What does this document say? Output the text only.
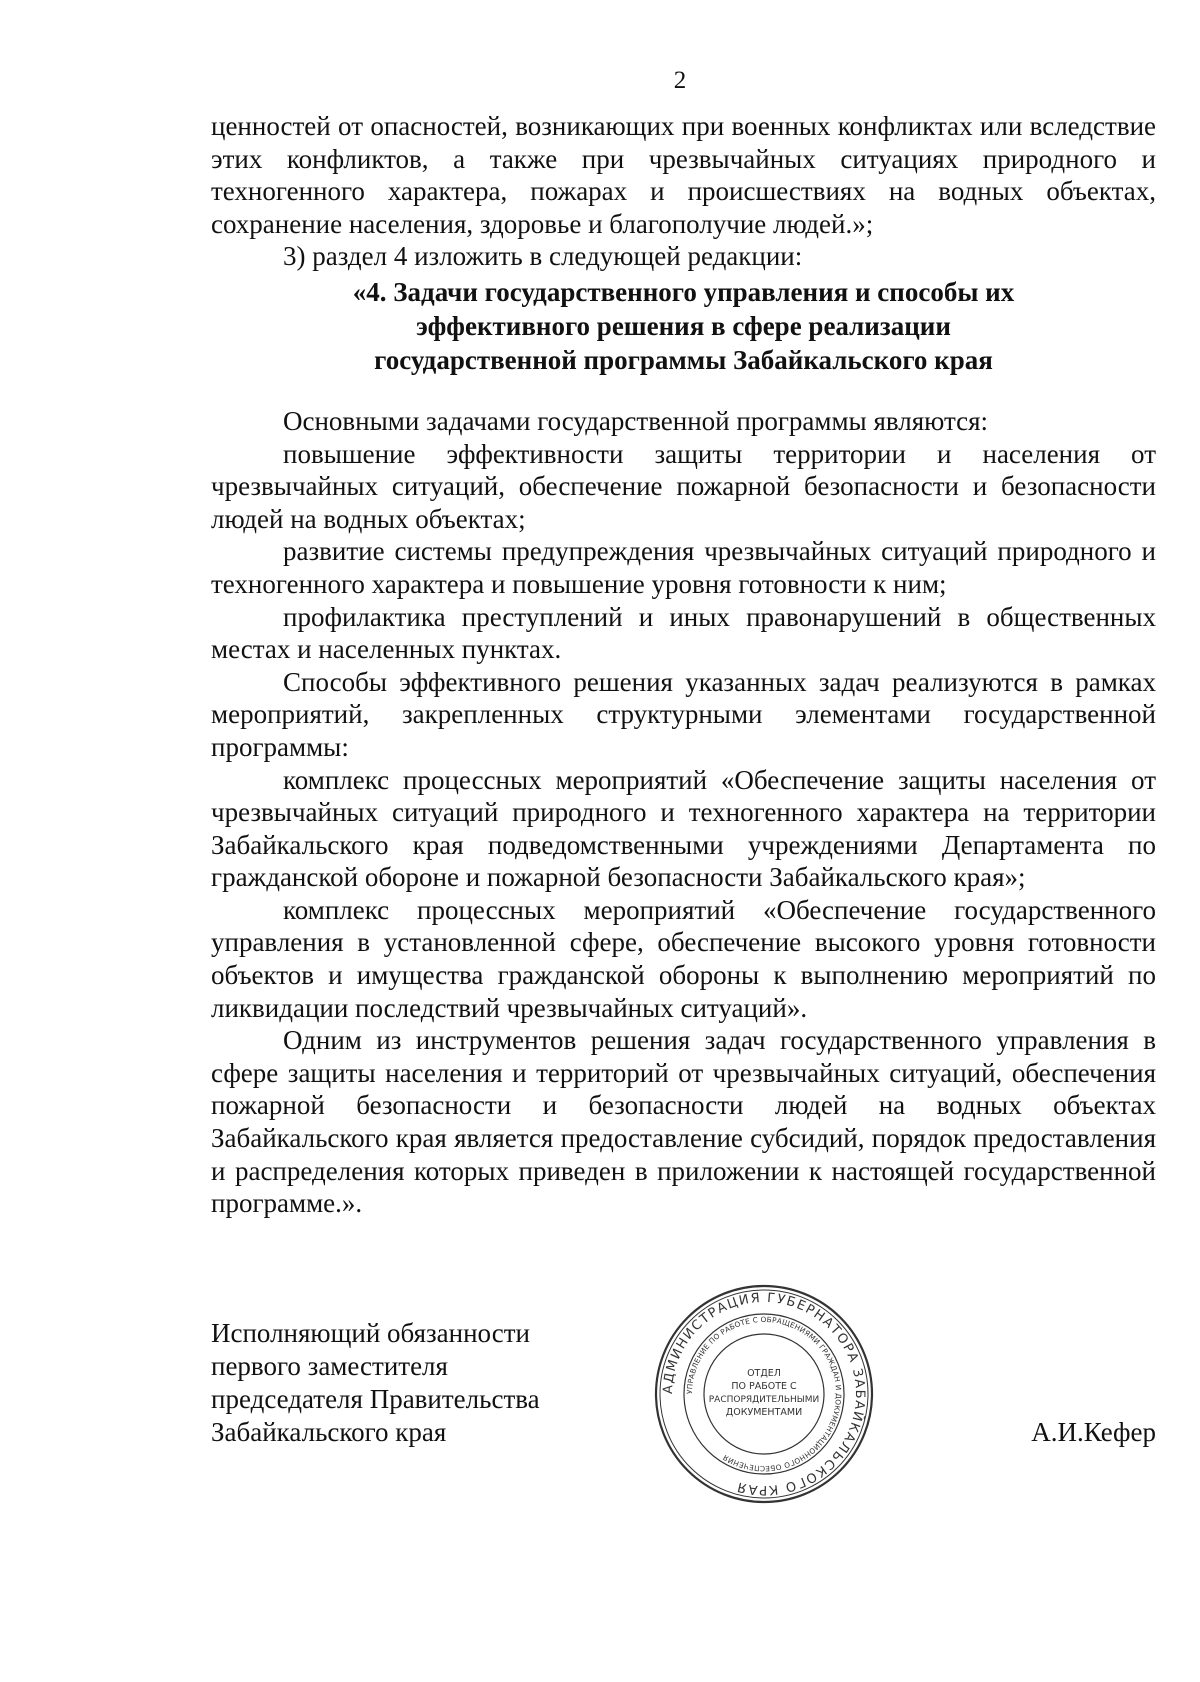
2

ценностей от опасностей, возникающих при военных конфликтах или вследствие этих конфликтов, а также при чрезвычайных ситуациях природного и техногенного характера, пожарах и происшествиях на водных объектах, сохранение населения, здоровье и благополучие людей.»;

3) раздел 4 изложить в следующей редакции:

«4. Задачи государственного управления и способы их
эффективного решения в сфере реализации
государственной программы Забайкальского края

Основными задачами государственной программы являются:

повышение эффективности защиты территории и населения от чрезвычайных ситуаций, обеспечение пожарной безопасности и безопасности людей на водных объектах;

развитие системы предупреждения чрезвычайных ситуаций природного и техногенного характера и повышение уровня готовности к ним;

профилактика преступлений и иных правонарушений в общественных местах и населенных пунктах.

Способы эффективного решения указанных задач реализуются в рамках мероприятий, закрепленных структурными элементами государственной программы:

комплекс процессных мероприятий «Обеспечение защиты населения от чрезвычайных ситуаций природного и техногенного характера на территории Забайкальского края подведомственными учреждениями Департамента по гражданской обороне и пожарной безопасности Забайкальского края»;

комплекс процессных мероприятий «Обеспечение государственного управления в установленной сфере, обеспечение высокого уровня готовности объектов и имущества гражданской обороны к выполнению мероприятий по ликвидации последствий чрезвычайных ситуаций».

Одним из инструментов решения задач государственного управления в сфере защиты населения и территорий от чрезвычайных ситуаций, обеспечения пожарной безопасности и безопасности людей на водных объектах Забайкальского края является предоставление субсидий, порядок предоставления и распределения которых приведен в приложении к настоящей государственной программе.».

Исполняющий обязанности
первого заместителя
председателя Правительства
Забайкальского края	А.И.Кефер
АДМИНИСТРАЦИЯ ГУБЕРНАТОРА ЗАБАЙКАЛЬСКОГО КРАЯ
УПРАВЛЕНИЕ ПО РАБОТЕ С ОБРАЩЕНИЯМИ ГРАЖДАН И ДОКУМЕНТАЦИОННОГО ОБЕСПЕЧЕНИЯ
ОТДЕЛ
ПО РАБОТЕ С
РАСПОРЯДИТЕЛЬНЫМИ
ДОКУМЕНТАМИ
